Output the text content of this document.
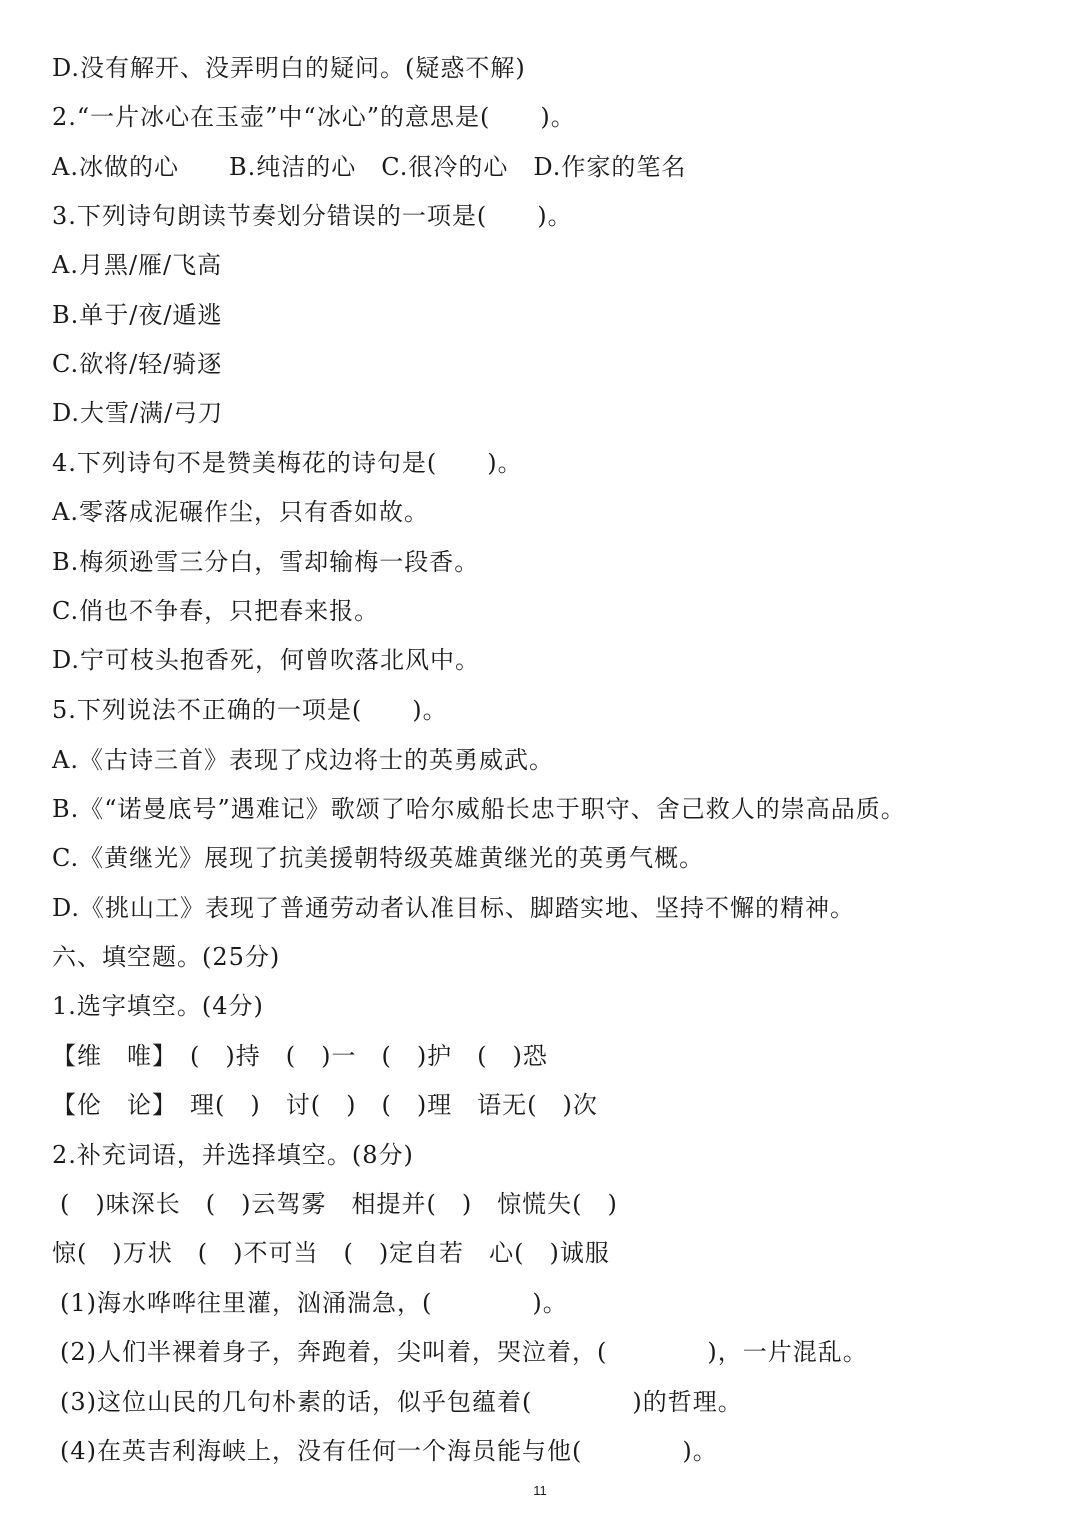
D.没有解开、没弄明白的疑问。(疑惑不解)
2.“一片冰心在玉壶”中“冰心”的意思是(　　)。
A.冰做的心　　B.纯洁的心　C.很冷的心　D.作家的笔名
3.下列诗句朗读节奏划分错误的一项是(　　)。
A.月黑/雁/飞高
B.单于/夜/遁逃
C.欲将/轻/骑逐
D.大雪/满/弓刀
4.下列诗句不是赞美梅花的诗句是(　　)。
A.零落成泥碾作尘，只有香如故。
B.梅须逊雪三分白，雪却输梅一段香。
C.俏也不争春，只把春来报。
D.宁可枝头抱香死，何曾吹落北风中。
5.下列说法不正确的一项是(　　)。
A.《古诗三首》表现了戍边将士的英勇威武。
B.《“诺曼底号”遇难记》歌颂了哈尔威船长忠于职守、舍己救人的崇高品质。
C.《黄继光》展现了抗美援朝特级英雄黄继光的英勇气概。
D.《挑山工》表现了普通劳动者认准目标、脚踏实地、坚持不懈的精神。
六、填空题。(25分)
1.选字填空。(4分)
【维　唯】　(　)持　(　)一　(　)护　(　)恐
【伦　论】　理(　)　讨(　)　(　)理　语无(　)次
2.补充词语，并选择填空。(8分)
(　)味深长　(　)云驾雾　相提并(　)　惊慌失(　)
惊(　)万状　(　)不可当　(　)定自若　心(　)诚服
(1)海水哗哗往里灌，汹涌湍急，(　　　　)。
(2)人们半裸着身子，奔跑着，尖叫着，哭泣着，(　　　　)，一片混乱。
(3)这位山民的几句朴素的话，似乎包蕴着(　　　　)的哲理。
(4)在英吉利海峡上，没有任何一个海员能与他(　　　　)。
11
